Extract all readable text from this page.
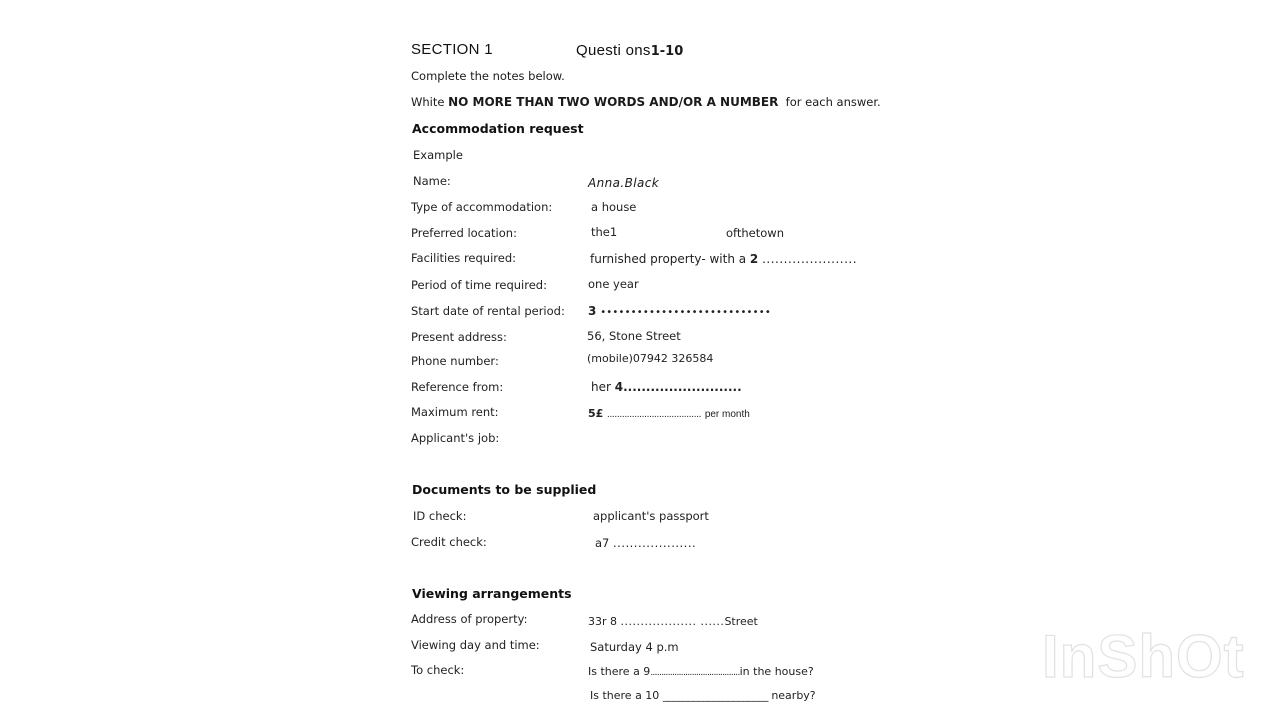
SECTION 1	Questi ons1-10
Complete the notes below.
White NO MORE THAN TWO WORDS AND/OR A NUMBER for each answer.
Accommodation request
Example
Name:	Anna.Black
Type of accommodation:	a house
Preferred location:	the1	ofthetown
Facilities required:	furnished property- with a 2 ......................
Period of time required:	one year
Start date of rental period: 3 ••••••••••••••••••••••••••••
Present address:	56, Stone Street
Phone number:	(mobile)07942 326584
Reference from:	her 4..........................
Maximum rent:	5£ ...................................... per month
Applicant's job:
Documents to be supplied
ID check:	applicant's passport
Credit check:	a7 ....................
Viewing arrangements
Address of property:	33r 8 ................... ......Street
Viewing day and time:	Saturday 4 p.m
To check:	Is there a 9.........................................in the house?
Is there a 10 _____________________ nearby?
InShOt
